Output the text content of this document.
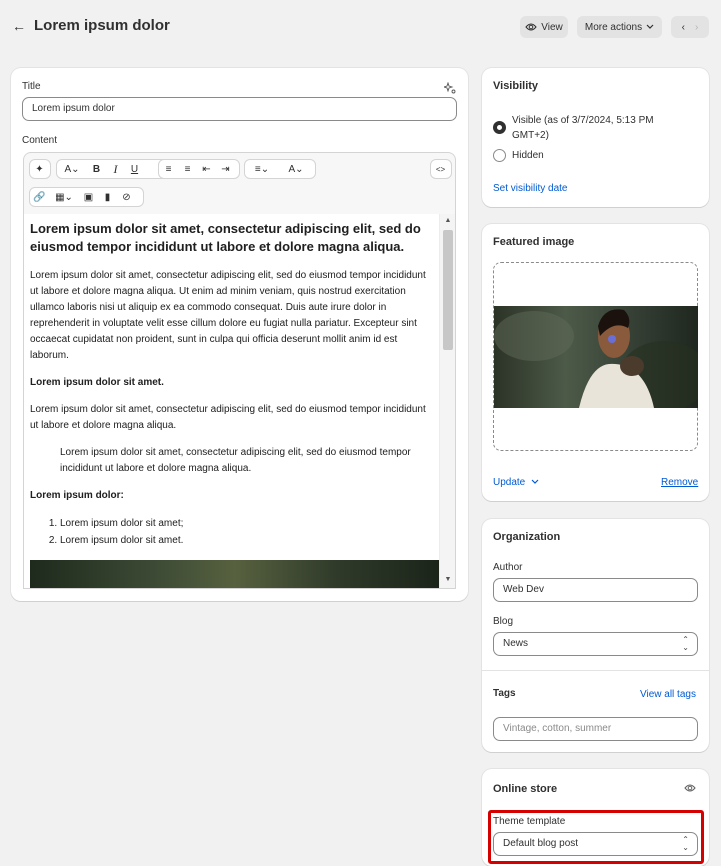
← Lorem ipsum dolor	View More actions	‹ ›
Title
Lorem ipsum dolor
Content
✦	A⌄	B	I	U	≡	≡	⇤	⇥	≡⌄	A⌄	<>
🔗 ▦⌄	▣	▮	⊘
Lorem ipsum dolor sit amet, consectetur adipiscing elit, sed do eiusmod tempor incididunt ut labore et dolore magna aliqua.

Lorem ipsum dolor sit amet, consectetur adipiscing elit, sed do eiusmod tempor incididunt ut labore et dolore magna aliqua. Ut enim ad minim veniam, quis nostrud exercitation ullamco laboris nisi ut aliquip ex ea commodo consequat. Duis aute irure dolor in reprehenderit in voluptate velit esse cillum dolore eu fugiat nulla pariatur. Excepteur sint occaecat cupidatat non proident, sunt in culpa qui officia deserunt mollit anim id est laborum.

Lorem ipsum dolor sit amet.

Lorem ipsum dolor sit amet, consectetur adipiscing elit, sed do eiusmod tempor incididunt ut labore et dolore magna aliqua.

Lorem ipsum dolor sit amet, consectetur adipiscing elit, sed do eiusmod tempor incididunt ut labore et dolore magna aliqua.

Lorem ipsum dolor:

1. Lorem ipsum dolor sit amet;
2. Lorem ipsum dolor sit amet.
▲
▼
Visibility
Visible (as of 3/7/2024, 5:13 PM GMT+2)
Hidden
Set visibility date
Featured image
Update	Remove
Organization
Author
Web Dev
Blog
News	⌃
⌄
Tags	View all tags
Vintage, cotton, summer
Online store
Theme template
Default blog post	⌃
⌄
